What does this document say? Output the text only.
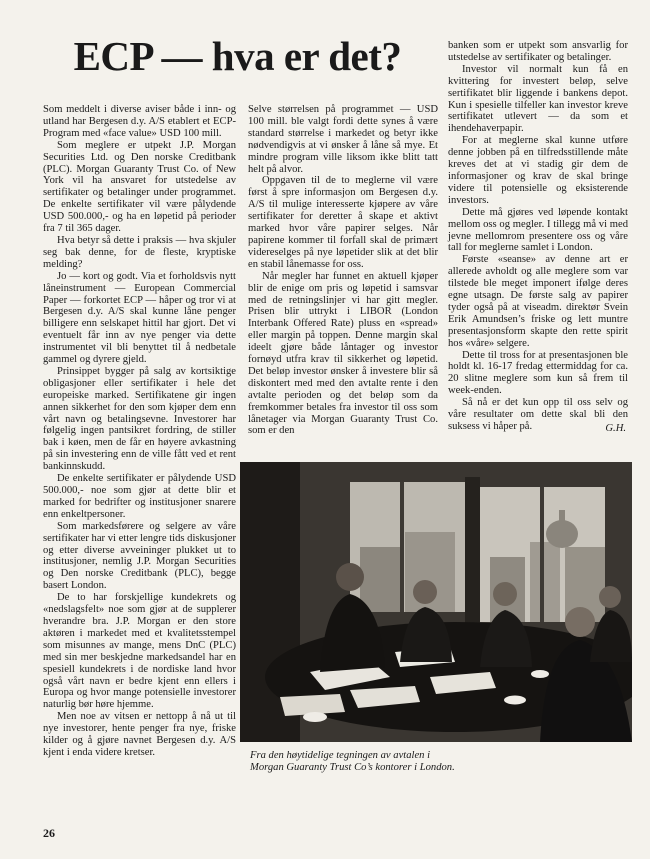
ECP — hva er det?

Som meddelt i diverse aviser både i inn- og utland har Bergesen d.y. A/S etablert et ECP-Program med «face value» USD 100 mill.

Som meglere er utpekt J.P. Morgan Securities Ltd. og Den norske Creditbank (PLC). Morgan Guaranty Trust Co. of New York vil ha ansvaret for utstedelse av sertifikater og betalinger under programmet. De enkelte sertifikater vil være pålydende USD 500.000,- og ha en løpetid på perioder fra 7 til 365 dager.

Hva betyr så dette i praksis — hva skjuler seg bak denne, for de fleste, kryptiske melding?

Jo — kort og godt. Via et forholdsvis nytt låneinstrument — European Commercial Paper — forkortet ECP — håper og tror vi at Bergesen d.y. A/S skal kunne låne penger billigere enn selskapet hittil har gjort. Det vi eventuelt får inn av nye penger via dette instrumentet vil bli benyttet til å nedbetale gammel og dyrere gjeld.

Prinsippet bygger på salg av kortsiktige obligasjoner eller sertifikater i hele det europeiske marked. Sertifikatene gir ingen annen sikkerhet for den som kjøper dem enn vårt navn og betalingsevne. Investorer har følgelig ingen pantsikret fordring, de stiller bak i køen, men de får en høyere avkastning på sin investering enn de ville fått ved et rent bankinnskudd.

De enkelte sertifikater er pålydende USD 500.000,- noe som gjør at dette blir et marked for bedrifter og institusjoner snarere enn enkeltpersoner.

Som markedsførere og selgere av våre sertifikater har vi etter lengre tids diskusjoner og etter diverse avveininger plukket ut to institusjoner, nemlig J.P. Morgan Securities og Den norske Creditbank (PLC), begge basert London.

De to har forskjellige kundekrets og «nedslagsfelt» noe som gjør at de supplerer hverandre bra. J.P. Morgan er den store aktøren i markedet med et kvalitetsstempel som misunnes av mange, mens DnC (PLC) med sin mer beskjedne markedsandel har en spesiell kundekrets i de nordiske land hvor også vårt navn er bedre kjent enn ellers i Europa og hvor mange potensielle investorer naturlig bør høre hjemme.

Men noe av vitsen er nettopp å nå ut til nye investorer, hente penger fra nye, friske kilder og å gjøre navnet Bergesen d.y. A/S kjent i enda videre kretser.

Selve størrelsen på programmet — USD 100 mill. ble valgt fordi dette synes å være standard størrelse i markedet og betyr ikke nødvendigvis at vi ønsker å låne så mye. Et mindre program ville liksom ikke blitt tatt helt på alvor.

Oppgaven til de to meglerne vil være først å spre informasjon om Bergesen d.y. A/S til mulige interesserte kjøpere av våre sertifikater for deretter å skape et aktivt marked hvor våre papirer selges. Når papirene kommer til forfall skal de primært videreselges på nye løpetider slik at det blir en stabil lånemasse for oss.

Når megler har funnet en aktuell kjøper blir de enige om pris og løpetid i samsvar med de retningslinjer vi har gitt megler. Prisen blir uttrykt i LIBOR (London Interbank Offered Rate) pluss en «spread» eller margin på toppen. Denne margin skal ideelt gjøre både låntager og investor fornøyd utfra krav til sikkerhet og løpetid. Det beløp investor ønsker å investere blir så diskontert med med den avtalte rente i den avtalte perioden og det beløp som da fremkommer betales fra investor til oss som lånetager via Morgan Guaranty Trust Co. som er den

banken som er utpekt som ansvarlig for utstedelse av sertifikater og betalinger.

Investor vil normalt kun få en kvittering for investert beløp, selve sertifikatet blir liggende i bankens depot. Kun i spesielle tilfeller kan investor kreve sertifikatet utlevert — da som et ihendehaverpapir.

For at meglerne skal kunne utføre denne jobben på en tilfredsstillende måte kreves det at vi stadig gir dem de informasjoner og krav de skal bringe videre til potensielle og eksisterende investors.

Dette må gjøres ved løpende kontakt mellom oss og megler. I tillegg må vi med jevne mellomrom presentere oss og våre tall for meglerne samlet i London.

Første «seanse» av denne art er allerede avholdt og alle meglere som var tilstede ble meget imponert ifølge deres egne utsagn. De første salg av papirer tyder også på at viseadm. direktør Svein Erik Amundsen’s friske og lett muntre presentasjonsform skapte den rette spirit hos «våre» selgere.

Dette til tross for at presentasjonen ble holdt kl. 16-17 fredag ettermiddag for ca. 20 slitne meglere som kun så frem til week-enden.

Så nå er det kun opp til oss selv og våre resultater om dette skal bli den suksess vi håper på.	G.H.
Fra den høytidelige tegningen av avtalen i Morgan Guaranty Trust Co’s kontorer i London.
26
